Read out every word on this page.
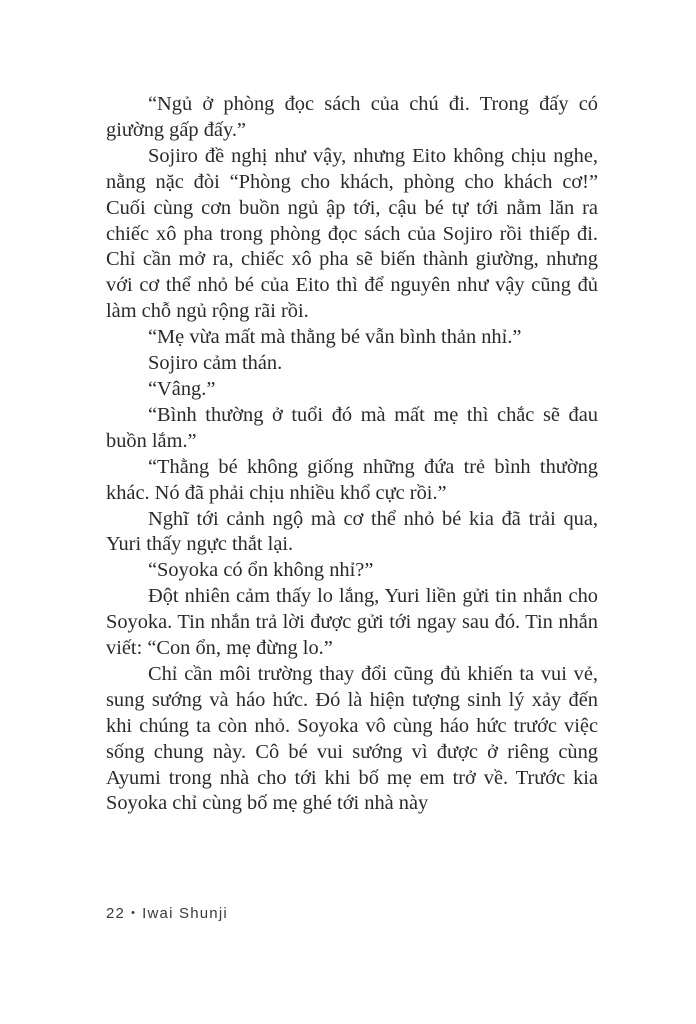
“Ngủ ở phòng đọc sách của chú đi. Trong đấy có giường gấp đấy.”

Sojiro đề nghị như vậy, nhưng Eito không chịu nghe, nằng nặc đòi “Phòng cho khách, phòng cho khách cơ!” Cuối cùng cơn buồn ngủ ập tới, cậu bé tự tới nằm lăn ra chiếc xô pha trong phòng đọc sách của Sojiro rồi thiếp đi. Chỉ cần mở ra, chiếc xô pha sẽ biến thành giường, nhưng với cơ thể nhỏ bé của Eito thì để nguyên như vậy cũng đủ làm chỗ ngủ rộng rãi rồi.

“Mẹ vừa mất mà thằng bé vẫn bình thản nhỉ.”

Sojiro cảm thán.

“Vâng.”

“Bình thường ở tuổi đó mà mất mẹ thì chắc sẽ đau buồn lắm.”

“Thằng bé không giống những đứa trẻ bình thường khác. Nó đã phải chịu nhiều khổ cực rồi.”

Nghĩ tới cảnh ngộ mà cơ thể nhỏ bé kia đã trải qua, Yuri thấy ngực thắt lại.

“Soyoka có ổn không nhỉ?”

Đột nhiên cảm thấy lo lắng, Yuri liền gửi tin nhắn cho Soyoka. Tin nhắn trả lời được gửi tới ngay sau đó. Tin nhắn viết: “Con ổn, mẹ đừng lo.”

Chỉ cần môi trường thay đổi cũng đủ khiến ta vui vẻ, sung sướng và háo hức. Đó là hiện tượng sinh lý xảy đến khi chúng ta còn nhỏ. Soyoka vô cùng háo hức trước việc sống chung này. Cô bé vui sướng vì được ở riêng cùng Ayumi trong nhà cho tới khi bố mẹ em trở về. Trước kia Soyoka chỉ cùng bố mẹ ghé tới nhà này

22 • Iwai Shunji
